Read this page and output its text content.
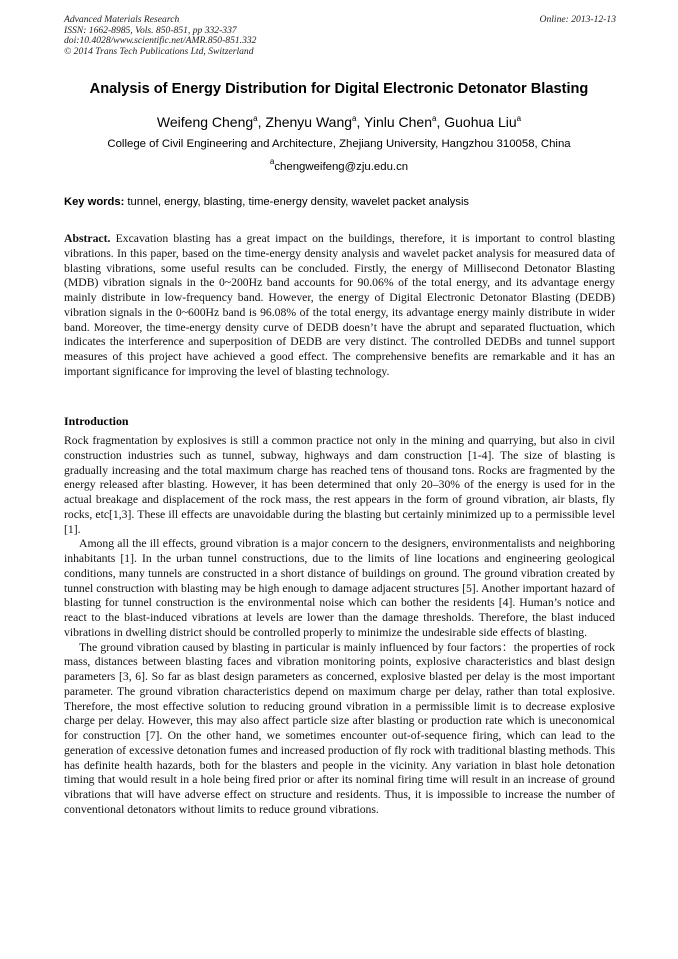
Advanced Materials Research
ISSN: 1662-8985, Vols. 850-851, pp 332-337
doi:10.4028/www.scientific.net/AMR.850-851.332
© 2014 Trans Tech Publications Ltd, Switzerland
Online: 2013-12-13
Analysis of Energy Distribution for Digital Electronic Detonator Blasting
Weifeng Cheng$^a$, Zhenyu Wang$^a$, Yinlu Chen$^a$, Guohua Liu$^a$
College of Civil Engineering and Architecture, Zhejiang University, Hangzhou 310058, China
$^a$chengweifeng@zju.edu.cn
Key words: tunnel, energy, blasting, time-energy density, wavelet packet analysis

Abstract. Excavation blasting has a great impact on the buildings, therefore, it is important to control blasting vibrations. In this paper, based on the time-energy density analysis and wavelet packet analysis for measured data of blasting vibrations, some useful results can be concluded. Firstly, the energy of Millisecond Detonator Blasting (MDB) vibration signals in the 0~200Hz band accounts for 90.06% of the total energy, and its advantage energy mainly distribute in low-frequency band. However, the energy of Digital Electronic Detonator Blasting (DEDB) vibration signals in the 0~600Hz band is 96.08% of the total energy, its advantage energy mainly distribute in wider band. Moreover, the time-energy density curve of DEDB doesn’t have the abrupt and separated fluctuation, which indicates the interference and superposition of DEDB are very distinct. The controlled DEDBs and tunnel support measures of this project have achieved a good effect. The comprehensive benefits are remarkable and it has an important significance for improving the level of blasting technology.

Introduction

Rock fragmentation by explosives is still a common practice not only in the mining and quarrying, but also in civil construction industries such as tunnel, subway, highways and dam construction [1-4]. The size of blasting is gradually increasing and the total maximum charge has reached tens of thousand tons. Rocks are fragmented by the energy released after blasting. However, it has been determined that only 20–30% of the energy is used for in the actual breakage and displacement of the rock mass, the rest appears in the form of ground vibration, air blasts, fly rocks, etc[1,3]. These ill effects are unavoidable during the blasting but certainly minimized up to a permissible level [1].

Among all the ill effects, ground vibration is a major concern to the designers, environmentalists and neighboring inhabitants [1]. In the urban tunnel constructions, due to the limits of line locations and engineering geological conditions, many tunnels are constructed in a short distance of buildings on ground. The ground vibration created by tunnel construction with blasting may be high enough to damage adjacent structures [5]. Another important hazard of blasting for tunnel construction is the environmental noise which can bother the residents [4]. Human’s notice and react to the blast-induced vibrations at levels are lower than the damage thresholds. Therefore, the blast induced vibrations in dwelling district should be controlled properly to minimize the undesirable side effects of blasting.

The ground vibration caused by blasting in particular is mainly influenced by four factors：the properties of rock mass, distances between blasting faces and vibration monitoring points, explosive characteristics and blast design parameters [3, 6]. So far as blast design parameters as concerned, explosive blasted per delay is the most important parameter. The ground vibration characteristics depend on maximum charge per delay, rather than total explosive. Therefore, the most effective solution to reducing ground vibration in a permissible limit is to decrease explosive charge per delay. However, this may also affect particle size after blasting or production rate which is uneconomical for construction [7]. On the other hand, we sometimes encounter out-of-sequence firing, which can lead to the generation of excessive detonation fumes and increased production of fly rock with traditional blasting methods. This has definite health hazards, both for the blasters and people in the vicinity. Any variation in blast hole detonation timing that would result in a hole being fired prior or after its nominal firing time will result in an increase of ground vibrations that will have adverse effect on structure and residents. Thus, it is impossible to increase the number of conventional detonators without limits to reduce ground vibrations.
